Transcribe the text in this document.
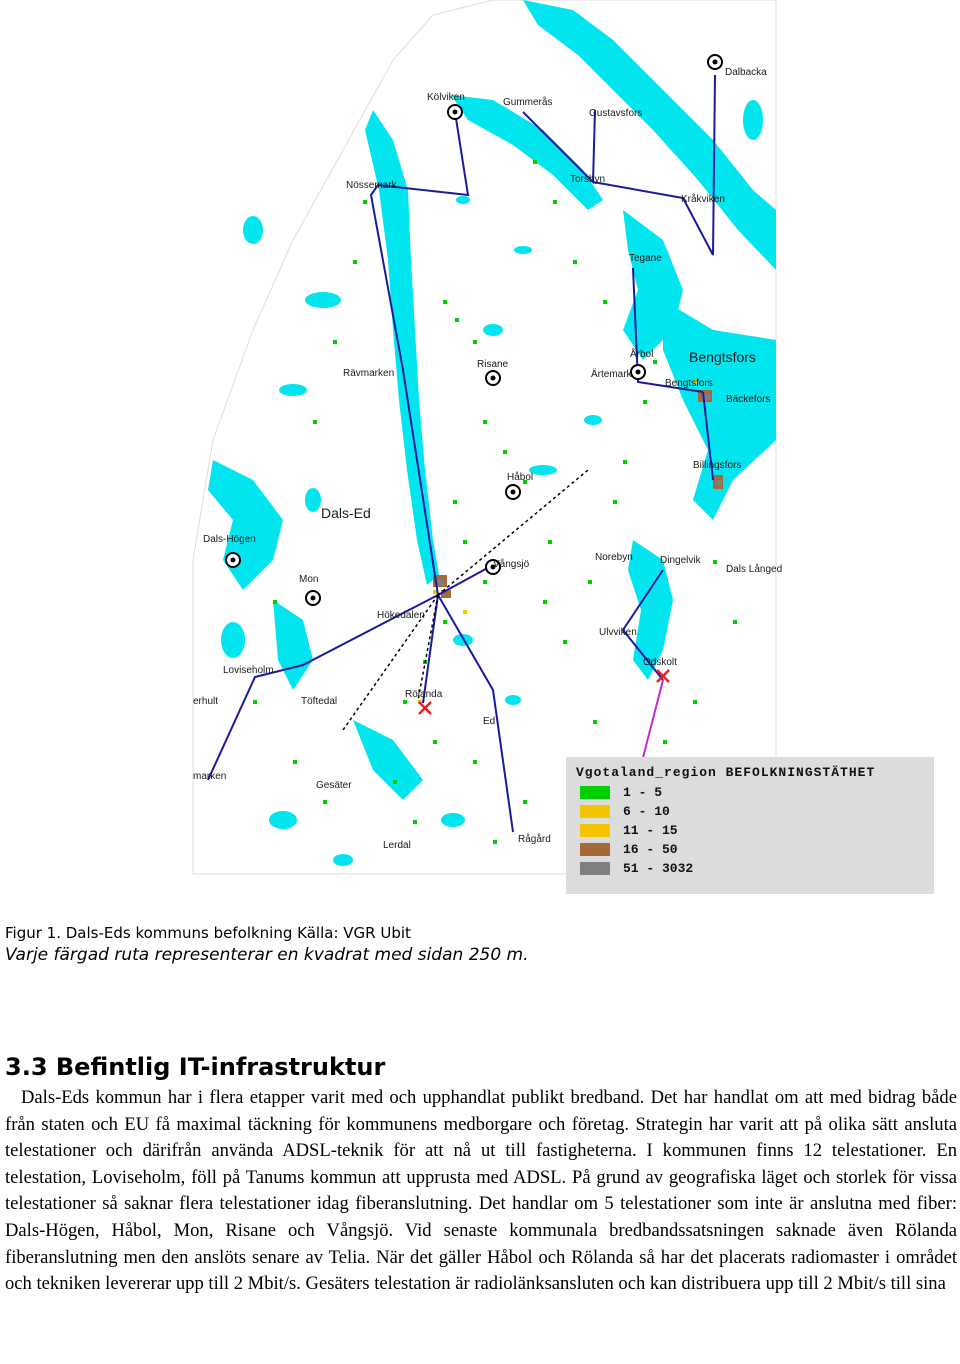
Kölviken	Gummerås
Gustavsfors
Dalbacka
Nössemark
Torsbyn
Kråkviken
Tegane
Rävmarken
Risane
Årbol	Bengtsfors
Ärtemark
Bengtsfors
Bäckefors
Billingsfors
Håbol
Dals-Ed
Dals-Högen
Vångsjö
Norebyn	Dingelvik
Dals Långed
Mon
Hökedalen
Ulvviken
Odskolt
Loviseholm
Rölanda
erhult	Töftedal
Ed
marken
Gesäter
Rågård
Lerdal
Vgotaland_region BEFOLKNINGSTÄTHET
1 - 5
6 - 10
11 - 15
16 - 50
51 - 3032
Figur 1. Dals-Eds kommuns befolkning Källa: VGR Ubit
Varje färgad ruta representerar en kvadrat med sidan 250 m.
3.3 Befintlig IT-infrastruktur

Dals-Eds kommun har i flera etapper varit med och upphandlat publikt bredband. Det har handlat om att med bidrag både från staten och EU få maximal täckning för kommunens medborgare och företag. Strategin har varit att på olika sätt ansluta telestationer och därifrån använda ADSL-teknik för att nå ut till fastigheterna. I kommunen finns 12 telestationer. En telestation, Loviseholm, föll på Tanums kommun att upprusta med ADSL. På grund av geografiska läget och storlek för vissa telestationer så saknar flera telestationer idag fiberanslutning. Det handlar om 5 telestationer som inte är anslutna med fiber: Dals-Högen, Håbol, Mon, Risane och Vångsjö. Vid senaste kommunala bredbandssatsningen saknade även Rölanda fiberanslutning men den anslöts senare av Telia. När det gäller Håbol och Rölanda så har det placerats radiomaster i området och tekniken levererar upp till 2 Mbit/s. Gesäters telestation är radiolänksansluten och kan distribuera upp till 2 Mbit/s till sina
